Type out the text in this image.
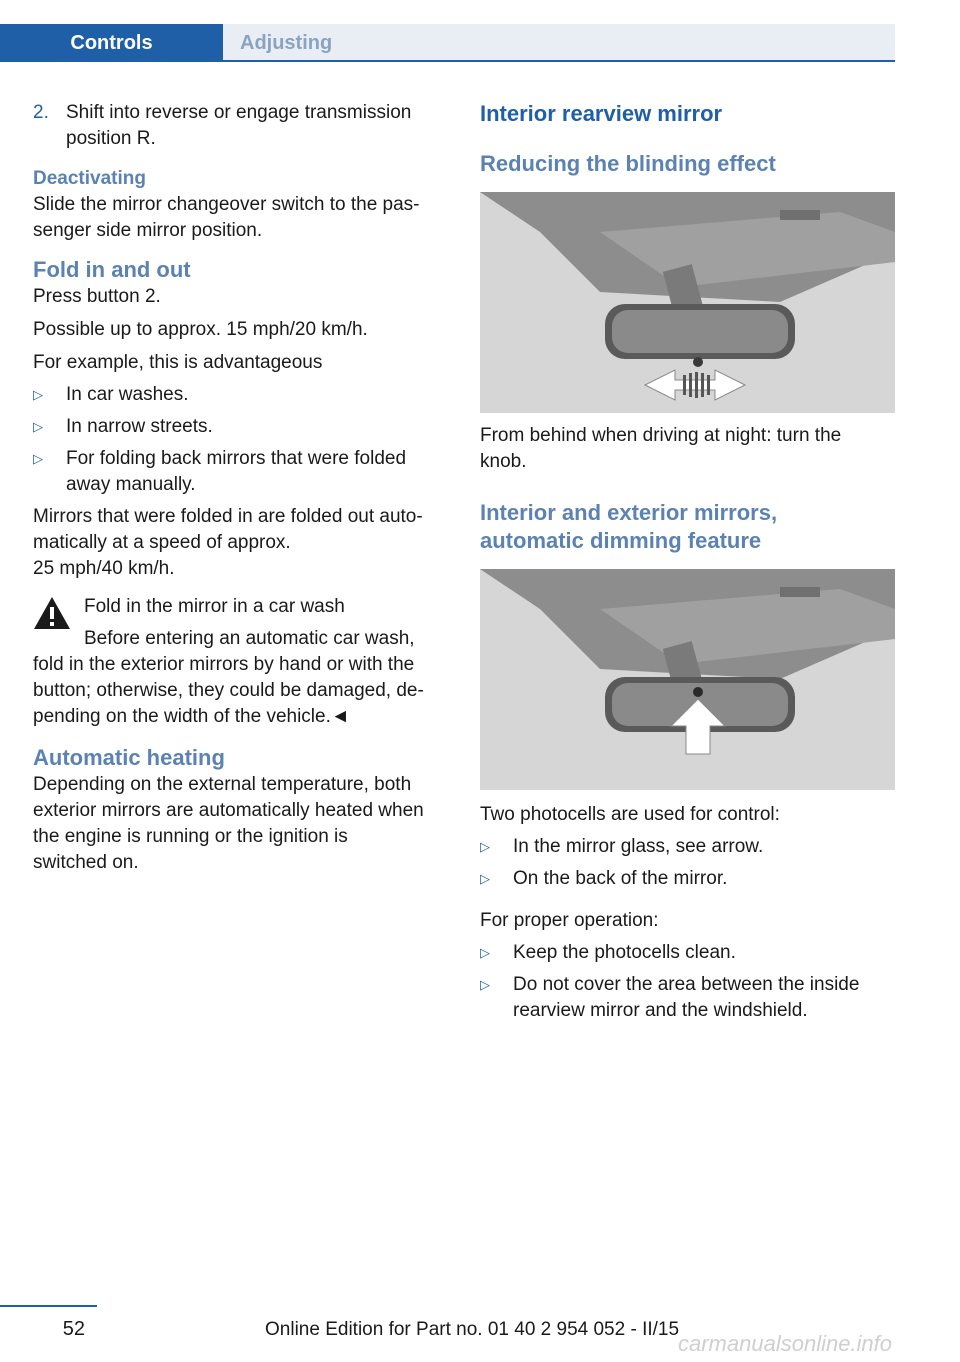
Controls	Adjusting
2. Shift into reverse or engage transmission

position R.

Deactivating

Slide the mirror changeover switch to the pas-

senger side mirror position.

Fold in and out

Press button 2.

Possible up to approx. 15 mph/20 km/h.

For example, this is advantageous

▷	In car washes.

▷	In narrow streets.

▷	For folding back mirrors that were folded

away manually.

Mirrors that were folded in are folded out auto-

matically at a speed of approx.

25 mph/40 km/h.

Fold in the mirror in a car wash

Before entering an automatic car wash,

fold in the exterior mirrors by hand or with the

button; otherwise, they could be damaged, de-

pending on the width of the vehicle.◄

Automatic heating

Depending on the external temperature, both

exterior mirrors are automatically heated when

the engine is running or the ignition is

switched on.

Interior rearview mirror

Reducing the blinding effect

From behind when driving at night: turn the

knob.

Interior and exterior mirrors,

automatic dimming feature

Two photocells are used for control:

▷	In the mirror glass, see arrow.

▷	On the back of the mirror.

For proper operation:

▷	Keep the photocells clean.

▷	Do not cover the area between the inside

rearview mirror and the windshield.

52	Online Edition for Part no. 01 40 2 954 052 - II/15
carmanualsonline.info
